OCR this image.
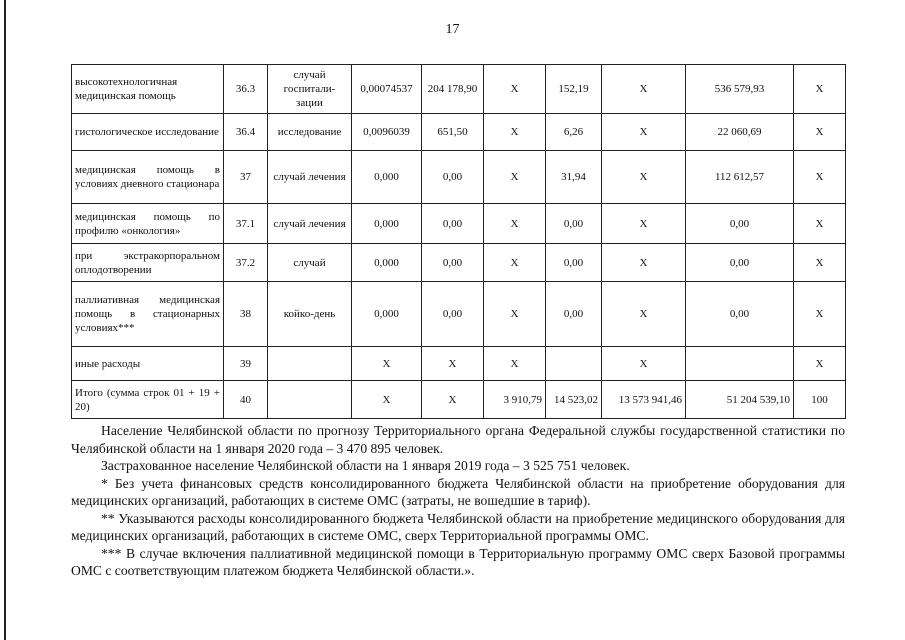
17
высокотехнологичная медицинская помощь	36.3	случай госпитали-зации	0,00074537	204 178,90	X	152,19	X	536 579,93	X
гистологическое исследование	36.4	исследование	0,0096039	651,50	X	6,26	X	22 060,69	X
медицинская помощь в условиях дневного стационара	37	случай лечения	0,000	0,00	X	31,94	X	112 612,57	X
медицинская помощь по профилю «онкология»	37.1	случай лечения	0,000	0,00	X	0,00	X	0,00	X
при экстракорпоральном оплодотворении	37.2	случай	0,000	0,00	X	0,00	X	0,00	X
паллиативная медицинская помощь в стационарных условиях***	38	койко-день	0,000	0,00	X	0,00	X	0,00	X
иные расходы	39		X	X	X		X		X
Итого (сумма строк 01 + 19 + 20)	40		X	X	3 910,79	14 523,02	13 573 941,46	51 204 539,10	100

Население Челябинской области по прогнозу Территориального органа Федеральной службы государственной статистики по Челябинской области на 1 января 2020 года – 3 470 895 человек.

Застрахованное население Челябинской области на 1 января 2019 года – 3 525 751 человек.

* Без учета финансовых средств консолидированного бюджета Челябинской области на приобретение оборудования для медицинских организаций, работающих в системе ОМС (затраты, не вошедшие в тариф).

** Указываются расходы консолидированного бюджета Челябинской области на приобретение медицинского оборудования для медицинских организаций, работающих в системе ОМС, сверх Территориальной программы ОМС.

*** В случае включения паллиативной медицинской помощи в Территориальную программу ОМС сверх Базовой программы ОМС с соответствующим платежом бюджета Челябинской области.».
